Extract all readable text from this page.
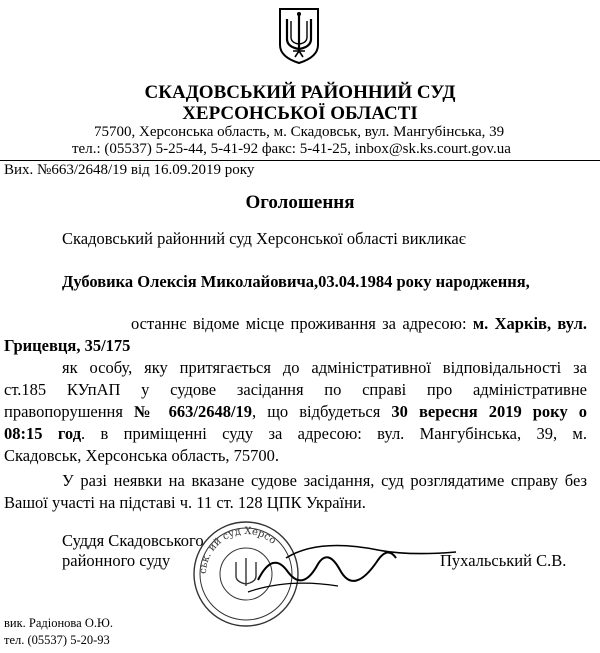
СКАДОВСЬКИЙ РАЙОННИЙ СУД
ХЕРСОНСЬКОЇ ОБЛАСТІ
75700, Херсонська область, м. Скадовськ, вул. Мангубінська, 39
тел.: (05537) 5-25-44, 5-41-92 факс: 5-41-25, inbox@sk.ks.court.gov.ua
Вих. №663/2648/19 від 16.09.2019 року
Оголошення
Скадовський районний суд Херсонської області викликає
Дубовика Олексія Миколайовича,03.04.1984 року народження,
останнє відоме місце проживання за адресою: м. Харків, вул.
Грицевця, 35/175
як особу, яку притягається до адміністративної відповідальності за
ст.185 КУпАП у судове засідання по справі про адміністративне
правопорушення № 663/2648/19, що відбудеться 30 вересня 2019 року о
08:15 год. в приміщенні суду за адресою: вул. Мангубінська, 39, м.
Скадовськ, Херсонська область, 75700.
У разі неявки на вказане судове засідання, суд розглядатиме справу без
Вашої участі на підставі ч. 11 ст. 128 ЦПК України.
ськ. ий суд Херсо
Суддя Скадовського
районного суду	Пухальський С.В.
вик. Радіонова О.Ю.
тел. (05537) 5-20-93
